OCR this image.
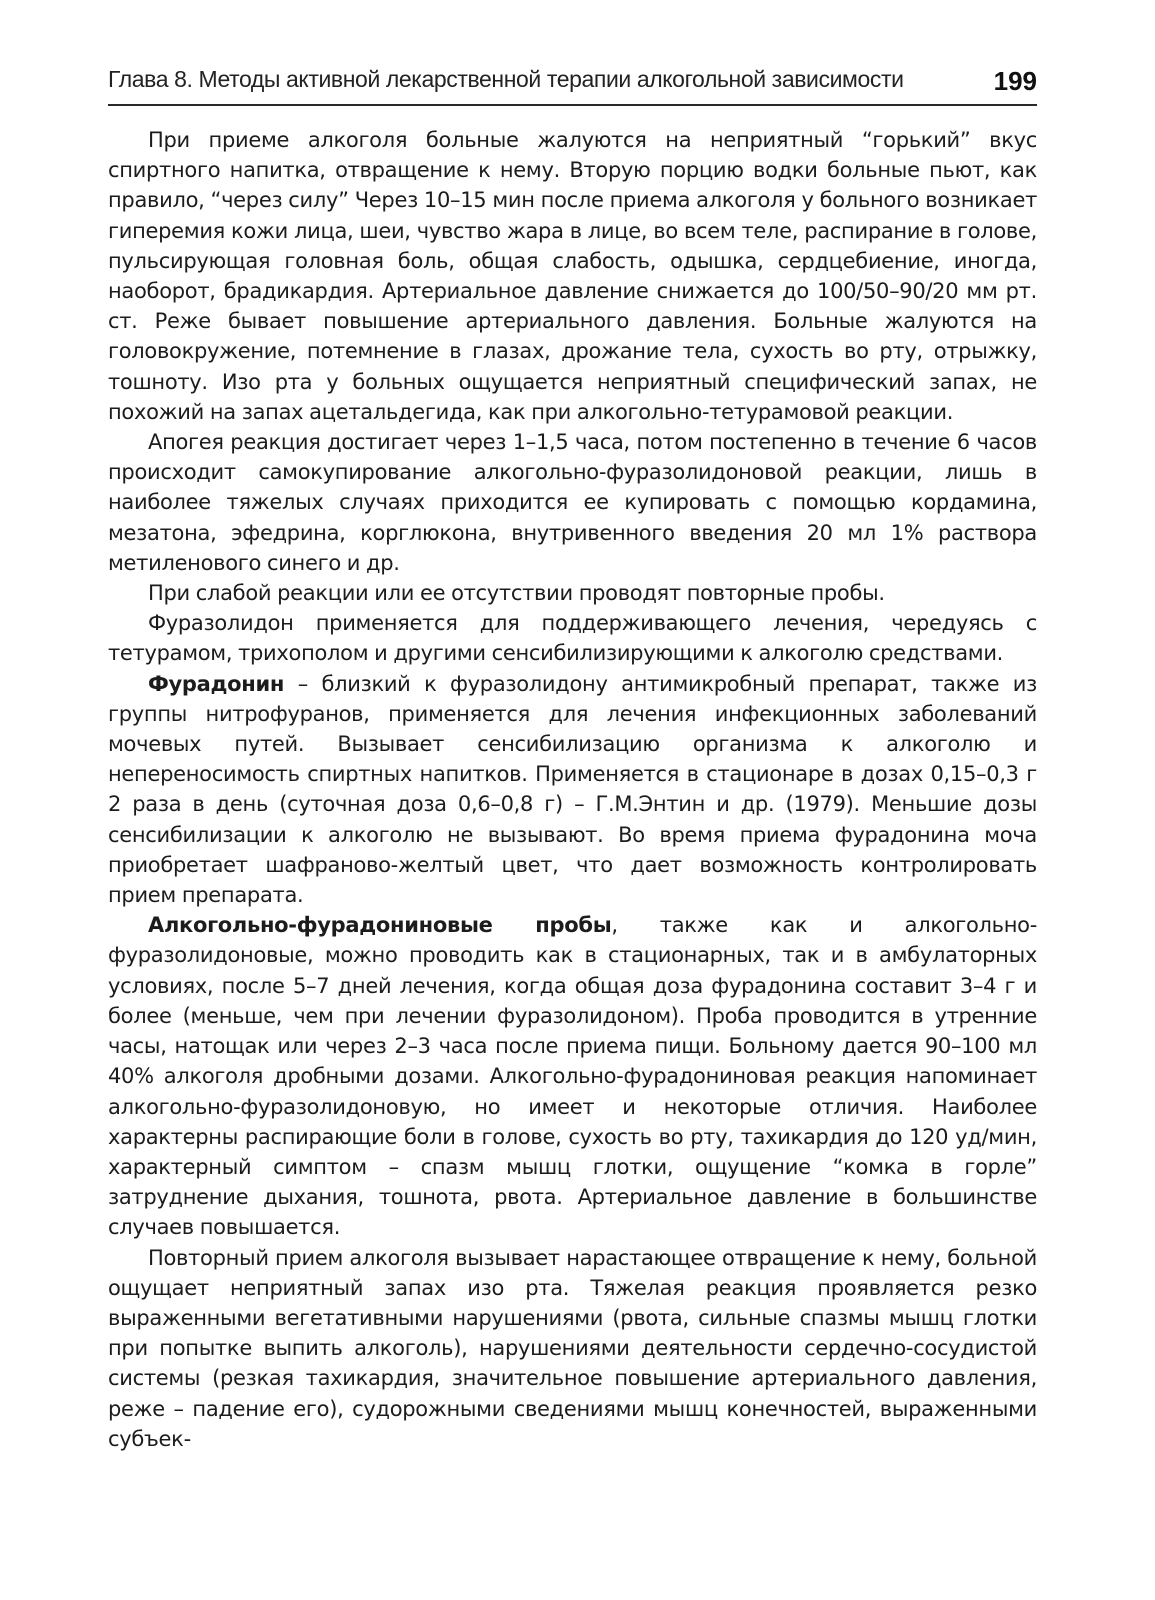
Глава 8. Методы активной лекарственной терапии алкогольной зависимости	199

При приеме алкоголя больные жалуются на неприятный “горький” вкус спиртного напитка, отвращение к нему. Вторую порцию водки больные пьют, как правило, “через силу” Через 10–15 мин после приема алкоголя у больного возникает гиперемия кожи лица, шеи, чувство жара в лице, во всем теле, распирание в голове, пульсирующая головная боль, общая слабость, одышка, сердцебиение, иногда, наоборот, брадикардия. Артериальное давление снижается до 100/50–90/20 мм рт. ст. Реже бывает повышение артериального давления. Больные жалуются на головокружение, потемнение в глазах, дрожание тела, сухость во рту, отрыжку, тошноту. Изо рта у больных ощущается неприятный специфический запах, не похожий на запах ацетальдегида, как при алкогольно-тетурамовой реакции.

Апогея реакция достигает через 1–1,5 часа, потом постепенно в течение 6 часов происходит самокупирование алкогольно-фуразолидоновой реакции, лишь в наиболее тяжелых случаях приходится ее купировать с помощью кордамина, мезатона, эфедрина, корглюкона, внутривенного введения 20 мл 1% раствора метиленового синего и др.

При слабой реакции или ее отсутствии проводят повторные пробы.

Фуразолидон применяется для поддерживающего лечения, чередуясь с тетурамом, трихополом и другими сенсибилизирующими к алкоголю средствами.

Фурадонин – близкий к фуразолидону антимикробный препарат, также из группы нитрофуранов, применяется для лечения инфекционных заболеваний мочевых путей. Вызывает сенсибилизацию организма к алкоголю и непереносимость спиртных напитков. Применяется в стационаре в дозах 0,15–0,3 г 2 раза в день (суточная доза 0,6–0,8 г) – Г.М.Энтин и др. (1979). Меньшие дозы сенсибилизации к алкоголю не вызывают. Во время приема фурадонина моча приобретает шафраново-желтый цвет, что дает возможность контролировать прием препарата.

Алкогольно-фурадониновые пробы, также как и алкогольно-фуразолидоновые, можно проводить как в стационарных, так и в амбулаторных условиях, после 5–7 дней лечения, когда общая доза фурадонина составит 3–4 г и более (меньше, чем при лечении фуразолидоном). Проба проводится в утренние часы, натощак или через 2–3 часа после приема пищи. Больному дается 90–100 мл 40% алкоголя дробными дозами. Алкогольно-фурадониновая реакция напоминает алкогольно-фуразолидоновую, но имеет и некоторые отличия. Наиболее характерны распирающие боли в голове, сухость во рту, тахикардия до 120 уд/мин, характерный симптом – спазм мышц глотки, ощущение “комка в горле” затруднение дыхания, тошнота, рвота. Артериальное давление в большинстве случаев повышается.

Повторный прием алкоголя вызывает нарастающее отвращение к нему, больной ощущает неприятный запах изо рта. Тяжелая реакция проявляется резко выраженными вегетативными нарушениями (рвота, сильные спазмы мышц глотки при попытке выпить алкоголь), нарушениями деятельности сердечно-сосудистой системы (резкая тахикардия, значительное повышение артериального давления, реже – падение его), судорожными сведениями мышц конечностей, выраженными субъек-
